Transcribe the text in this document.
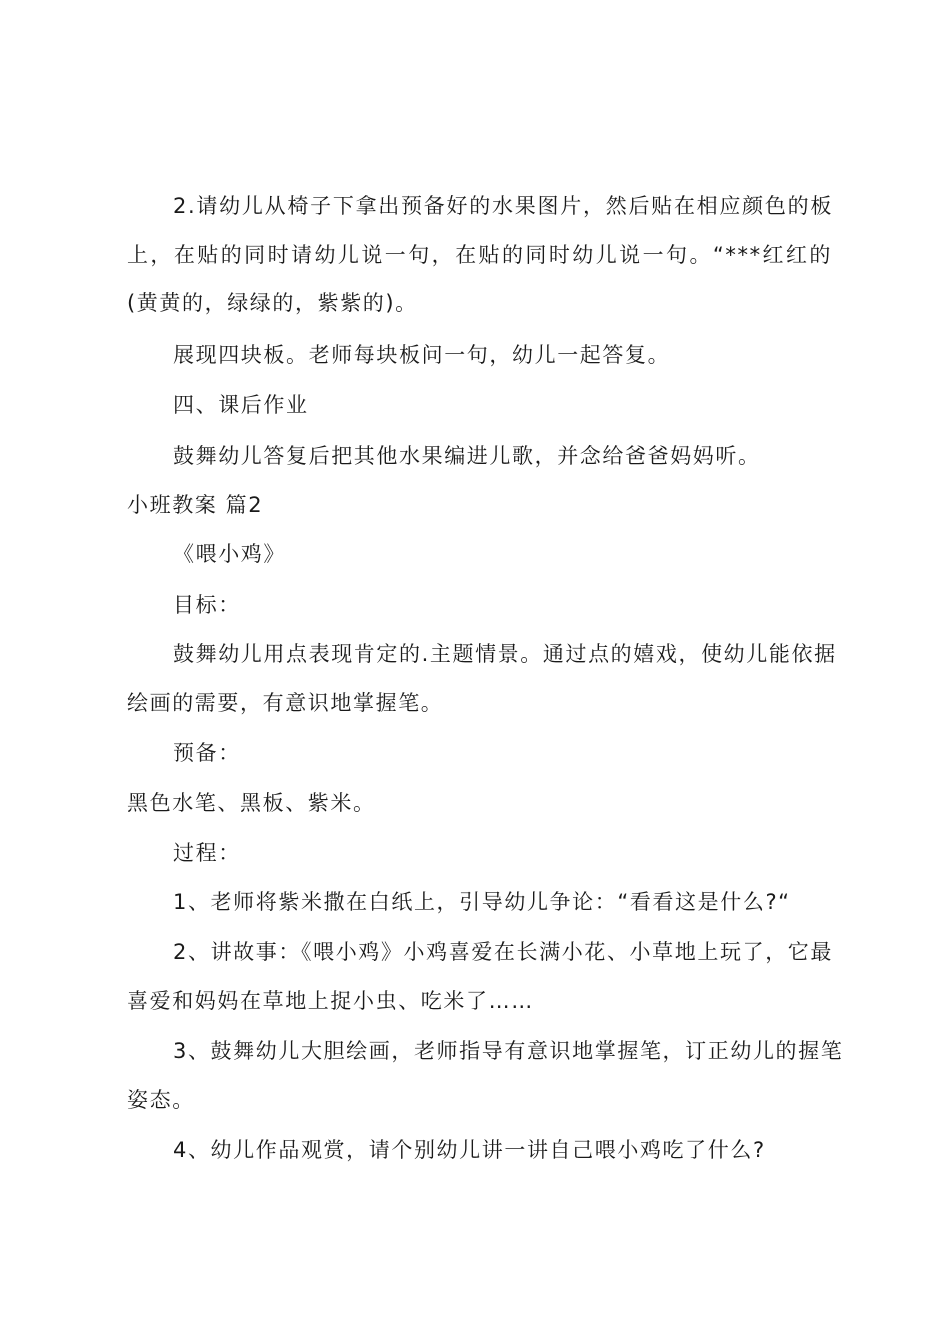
2.请幼儿从椅子下拿出预备好的水果图片，然后贴在相应颜色的板
上，在贴的同时请幼儿说一句，在贴的同时幼儿说一句。“***红红的
(黄黄的，绿绿的，紫紫的)。
展现四块板。老师每块板问一句，幼儿一起答复。
四、课后作业
鼓舞幼儿答复后把其他水果编进儿歌，并念给爸爸妈妈听。
小班教案 篇2
《喂小鸡》
目标：
鼓舞幼儿用点表现肯定的.主题情景。通过点的嬉戏，使幼儿能依据
绘画的需要，有意识地掌握笔。
预备：
黑色水笔、黑板、紫米。
过程：
1、老师将紫米撒在白纸上，引导幼儿争论：“看看这是什么?“
2、讲故事：《喂小鸡》小鸡喜爱在长满小花、小草地上玩了，它最
喜爱和妈妈在草地上捉小虫、吃米了……
3、鼓舞幼儿大胆绘画，老师指导有意识地掌握笔，订正幼儿的握笔
姿态。
4、幼儿作品观赏，请个别幼儿讲一讲自己喂小鸡吃了什么?
